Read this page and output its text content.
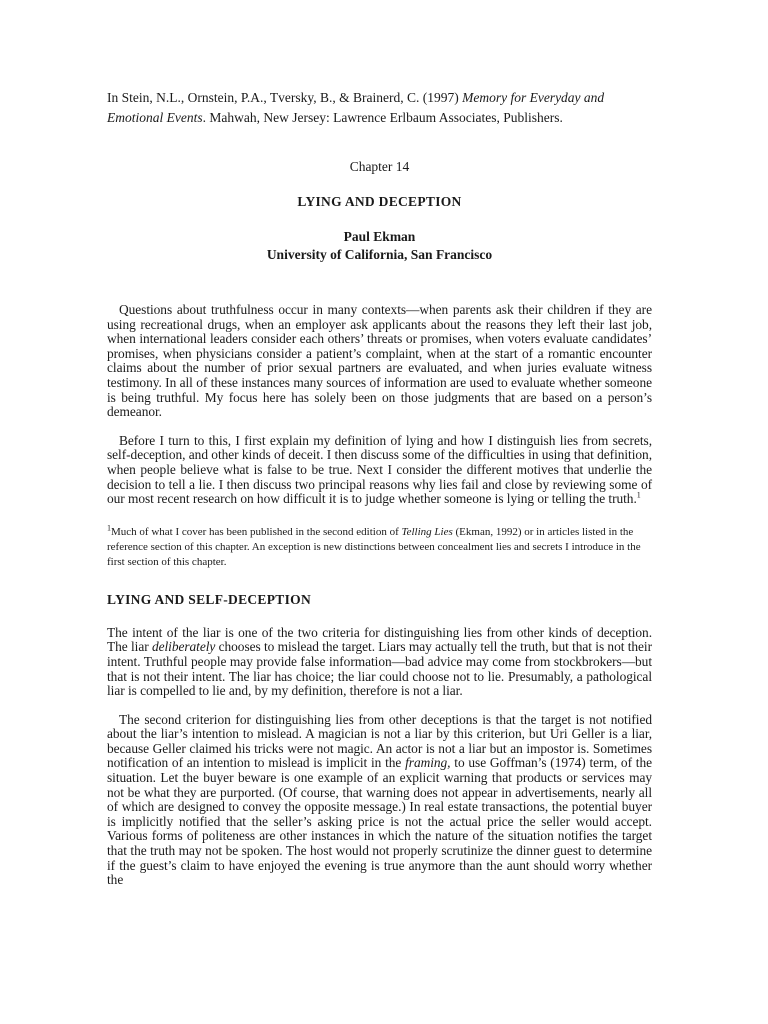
In Stein, N.L., Ornstein, P.A., Tversky, B., & Brainerd, C. (1997) Memory for Everyday and Emotional Events. Mahwah, New Jersey: Lawrence Erlbaum Associates, Publishers.

Chapter 14

LYING AND DECEPTION

Paul Ekman

University of California, San Francisco

Questions about truthfulness occur in many contexts—when parents ask their children if they are using recreational drugs, when an employer ask applicants about the reasons they left their last job, when international leaders consider each others’ threats or promises, when voters evaluate candidates’ promises, when physicians consider a patient’s complaint, when at the start of a romantic encounter claims about the number of prior sexual partners are evaluated, and when juries evaluate witness testimony. In all of these instances many sources of information are used to evaluate whether someone is being truthful. My focus here has solely been on those judgments that are based on a person’s demeanor.

Before I turn to this, I first explain my definition of lying and how I distinguish lies from secrets, self-deception, and other kinds of deceit. I then discuss some of the difficulties in using that definition, when people believe what is false to be true. Next I consider the different motives that underlie the decision to tell a lie. I then discuss two principal reasons why lies fail and close by reviewing some of our most recent research on how difficult it is to judge whether someone is lying or telling the truth.$^1$

$^1$Much of what I cover has been published in the second edition of Telling Lies (Ekman, 1992) or in articles listed in the reference section of this chapter. An exception is new distinctions between concealment lies and secrets I introduce in the first section of this chapter.

LYING AND SELF-DECEPTION

The intent of the liar is one of the two criteria for distinguishing lies from other kinds of deception. The liar deliberately chooses to mislead the target. Liars may actually tell the truth, but that is not their intent. Truthful people may provide false information—bad advice may come from stockbrokers—but that is not their intent. The liar has choice; the liar could choose not to lie. Presumably, a pathological liar is compelled to lie and, by my definition, therefore is not a liar.

The second criterion for distinguishing lies from other deceptions is that the target is not notified about the liar’s intention to mislead. A magician is not a liar by this criterion, but Uri Geller is a liar, because Geller claimed his tricks were not magic. An actor is not a liar but an impostor is. Sometimes notification of an intention to mislead is implicit in the framing, to use Goffman’s (1974) term, of the situation. Let the buyer beware is one example of an explicit warning that products or services may not be what they are purported. (Of course, that warning does not appear in advertisements, nearly all of which are designed to convey the opposite message.) In real estate transactions, the potential buyer is implicitly notified that the seller’s asking price is not the actual price the seller would accept. Various forms of politeness are other instances in which the nature of the situation notifies the target that the truth may not be spoken. The host would not properly scrutinize the dinner guest to determine if the guest’s claim to have enjoyed the evening is true anymore than the aunt should worry whether the
